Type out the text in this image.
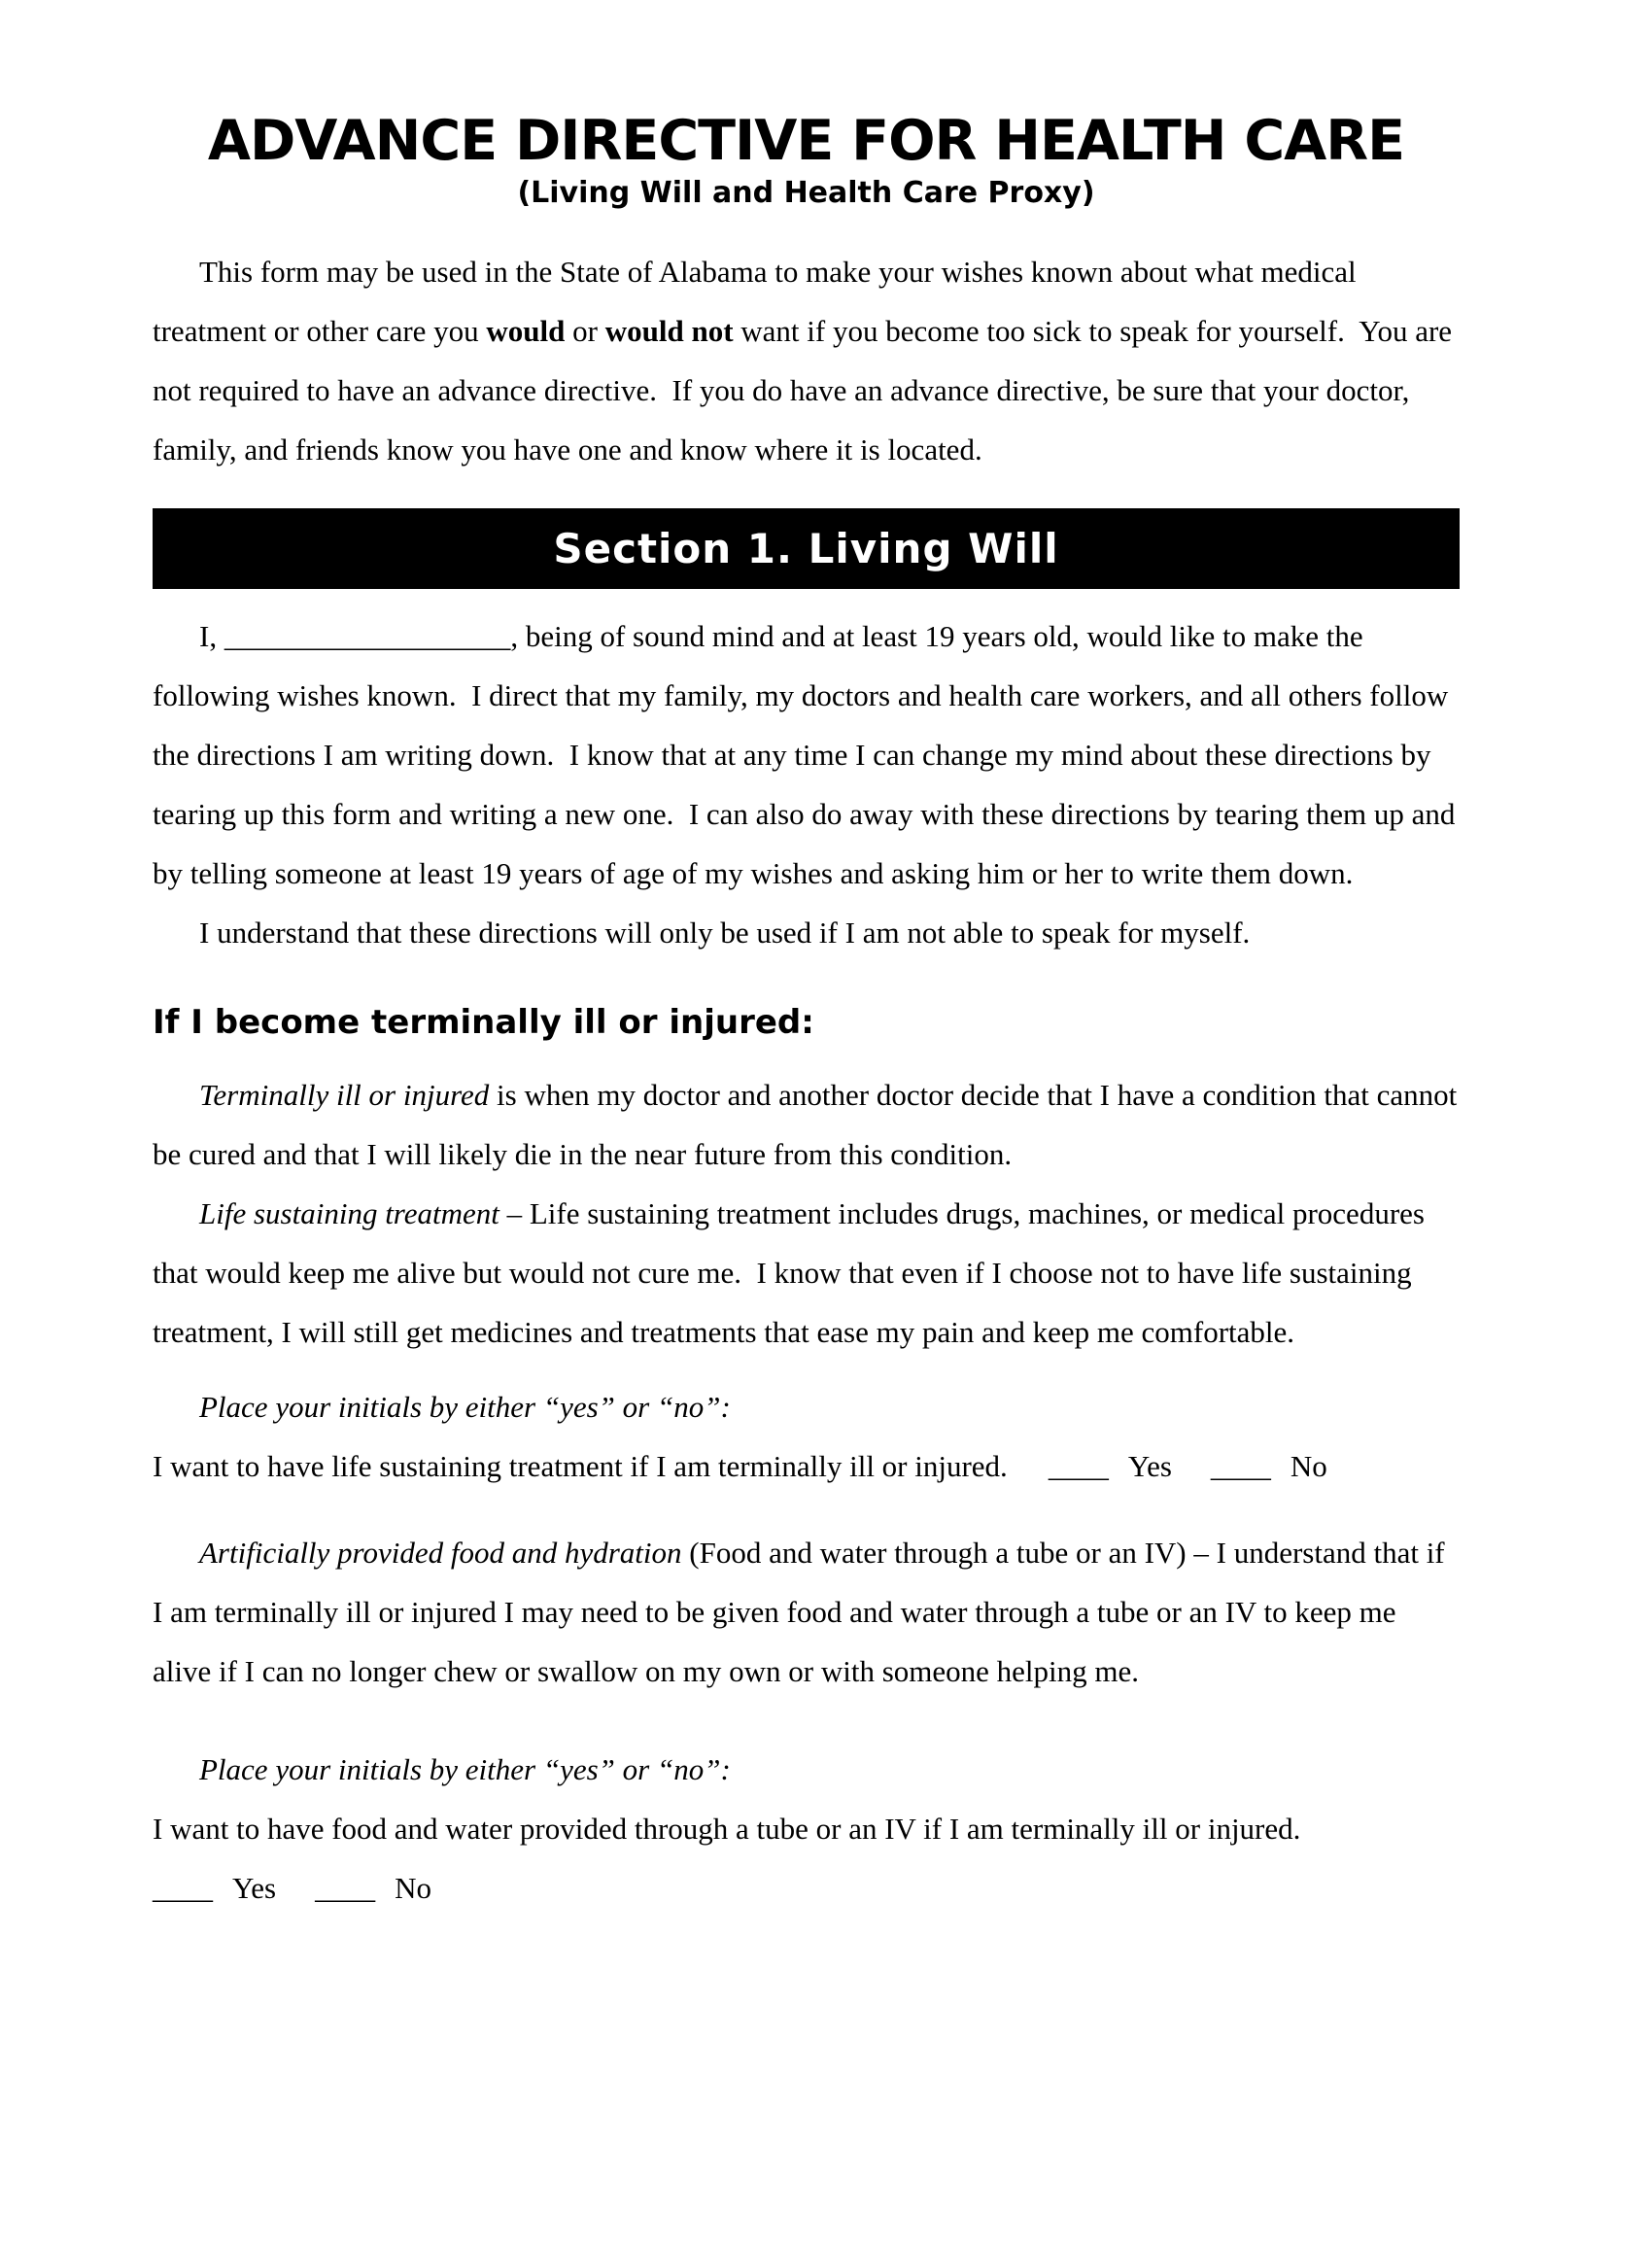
ADVANCE DIRECTIVE FOR HEALTH CARE
(Living Will and Health Care Proxy)

This form may be used in the State of Alabama to make your wishes known about what medical treatment or other care you would or would not want if you become too sick to speak for yourself.  You are not required to have an advance directive.  If you do have an advance directive, be sure that your doctor, family, and friends know you have one and know where it is located.

Section 1. Living Will

I, ___________________, being of sound mind and at least 19 years old, would like to make the following wishes known.  I direct that my family, my doctors and health care workers, and all others follow the directions I am writing down.  I know that at any time I can change my mind about these directions by tearing up this form and writing a new one.  I can also do away with these directions by tearing them up and by telling someone at least 19 years of age of my wishes and asking him or her to write them down.

I understand that these directions will only be used if I am not able to speak for myself.

If I become terminally ill or injured:

Terminally ill or injured is when my doctor and another doctor decide that I have a condition that cannot be cured and that I will likely die in the near future from this condition.

Life sustaining treatment – Life sustaining treatment includes drugs, machines, or medical procedures that would keep me alive but would not cure me.  I know that even if I choose not to have life sustaining treatment, I will still get medicines and treatments that ease my pain and keep me comfortable.

Place your initials by either “yes” or “no”:

I want to have life sustaining treatment if I am terminally ill or injured. ____ Yes ____ No

Artificially provided food and hydration (Food and water through a tube or an IV) – I understand that if I am terminally ill or injured I may need to be given food and water through a tube or an IV to keep me alive if I can no longer chew or swallow on my own or with someone helping me.

Place your initials by either “yes” or “no”:

I want to have food and water provided through a tube or an IV if I am terminally ill or injured.

____ Yes ____ No
